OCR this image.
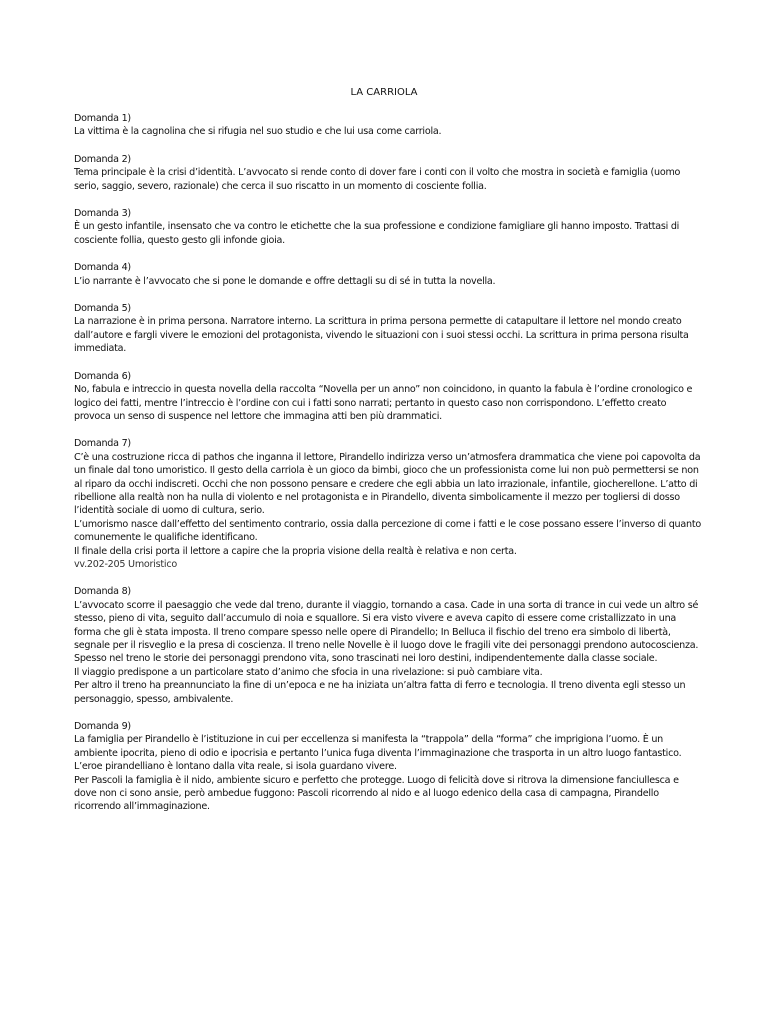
LA CARRIOLA
Domanda 1)
La vittima è la cagnolina che si rifugia nel suo studio e che lui usa come carriola.
Domanda 2)
Tema principale è la crisi d’identità. L’avvocato si rende conto di dover fare i conti con il volto che mostra in società e famiglia (uomo serio, saggio, severo, razionale) che cerca il suo riscatto in un momento di cosciente follia.
Domanda 3)
È un gesto infantile, insensato che va contro le etichette che la sua professione e condizione famigliare gli hanno imposto. Trattasi di cosciente follia, questo gesto gli infonde gioia.
Domanda 4)
L’io narrante è l’avvocato che si pone le domande e offre dettagli su di sé in tutta la novella.
Domanda 5)
La narrazione è in prima persona. Narratore interno. La scrittura in prima persona permette di catapultare il lettore nel mondo creato dall’autore e fargli vivere le emozioni del protagonista, vivendo le situazioni con i suoi stessi occhi. La scrittura in prima persona risulta immediata.
Domanda 6)
No, fabula e intreccio in questa novella della raccolta “Novella per un anno” non coincidono, in quanto la fabula è l’ordine cronologico e logico dei fatti, mentre l’intreccio è l’ordine con cui i fatti sono narrati; pertanto in questo caso non corrispondono. L’effetto creato provoca un senso di suspence nel lettore che immagina atti ben più drammatici.
Domanda 7)
C’è una costruzione ricca di pathos che inganna il lettore, Pirandello indirizza verso un’atmosfera drammatica che viene poi capovolta da un finale dal tono umoristico. Il gesto della carriola è un gioco da bimbi, gioco che un professionista come lui non può permettersi se non al riparo da occhi indiscreti. Occhi che non possono pensare e credere che egli abbia un lato irrazionale, infantile, giocherellone. L’atto di ribellione alla realtà non ha nulla di violento e nel protagonista e in Pirandello, diventa simbolicamente il mezzo per togliersi di dosso l’identità sociale di uomo di cultura, serio.
L’umorismo nasce dall’effetto del sentimento contrario, ossia dalla percezione di come i fatti e le cose possano essere l’inverso di quanto comunemente le qualifiche identificano.
Il finale della crisi porta il lettore a capire che la propria visione della realtà è relativa e non certa.
vv.202-205 Umoristico
Domanda 8)
L’avvocato scorre il paesaggio che vede dal treno, durante il viaggio, tornando a casa. Cade in una sorta di trance in cui vede un altro sé stesso, pieno di vita, seguito dall’accumulo di noia e squallore. Si era visto vivere e aveva capito di essere come cristallizzato in una forma che gli è stata imposta. Il treno compare spesso nelle opere di Pirandello; In Belluca il fischio del treno era simbolo di libertà, segnale per il risveglio e la presa di coscienza. Il treno nelle Novelle è il luogo dove le fragili vite dei personaggi prendono autocoscienza. Spesso nel treno le storie dei personaggi prendono vita, sono trascinati nei loro destini, indipendentemente dalla classe sociale.
Il viaggio predispone a un particolare stato d’animo che sfocia in una rivelazione: si può cambiare vita.
Per altro il treno ha preannunciato la fine di un’epoca e ne ha iniziata un’altra fatta di ferro e tecnologia. Il treno diventa egli stesso un personaggio, spesso, ambivalente.
Domanda 9)
La famiglia per Pirandello è l’istituzione in cui per eccellenza si manifesta la “trappola” della “forma” che imprigiona l’uomo. È un ambiente ipocrita, pieno di odio e ipocrisia e pertanto l’unica fuga diventa l’immaginazione che trasporta in un altro luogo fantastico. L’eroe pirandelliano è lontano dalla vita reale, si isola guardano vivere.
Per Pascoli la famiglia è il nido, ambiente sicuro e perfetto che protegge. Luogo di felicità dove si ritrova la dimensione fanciullesca e dove non ci sono ansie, però ambedue fuggono: Pascoli ricorrendo al nido e al luogo edenico della casa di campagna, Pirandello ricorrendo all’immaginazione.
